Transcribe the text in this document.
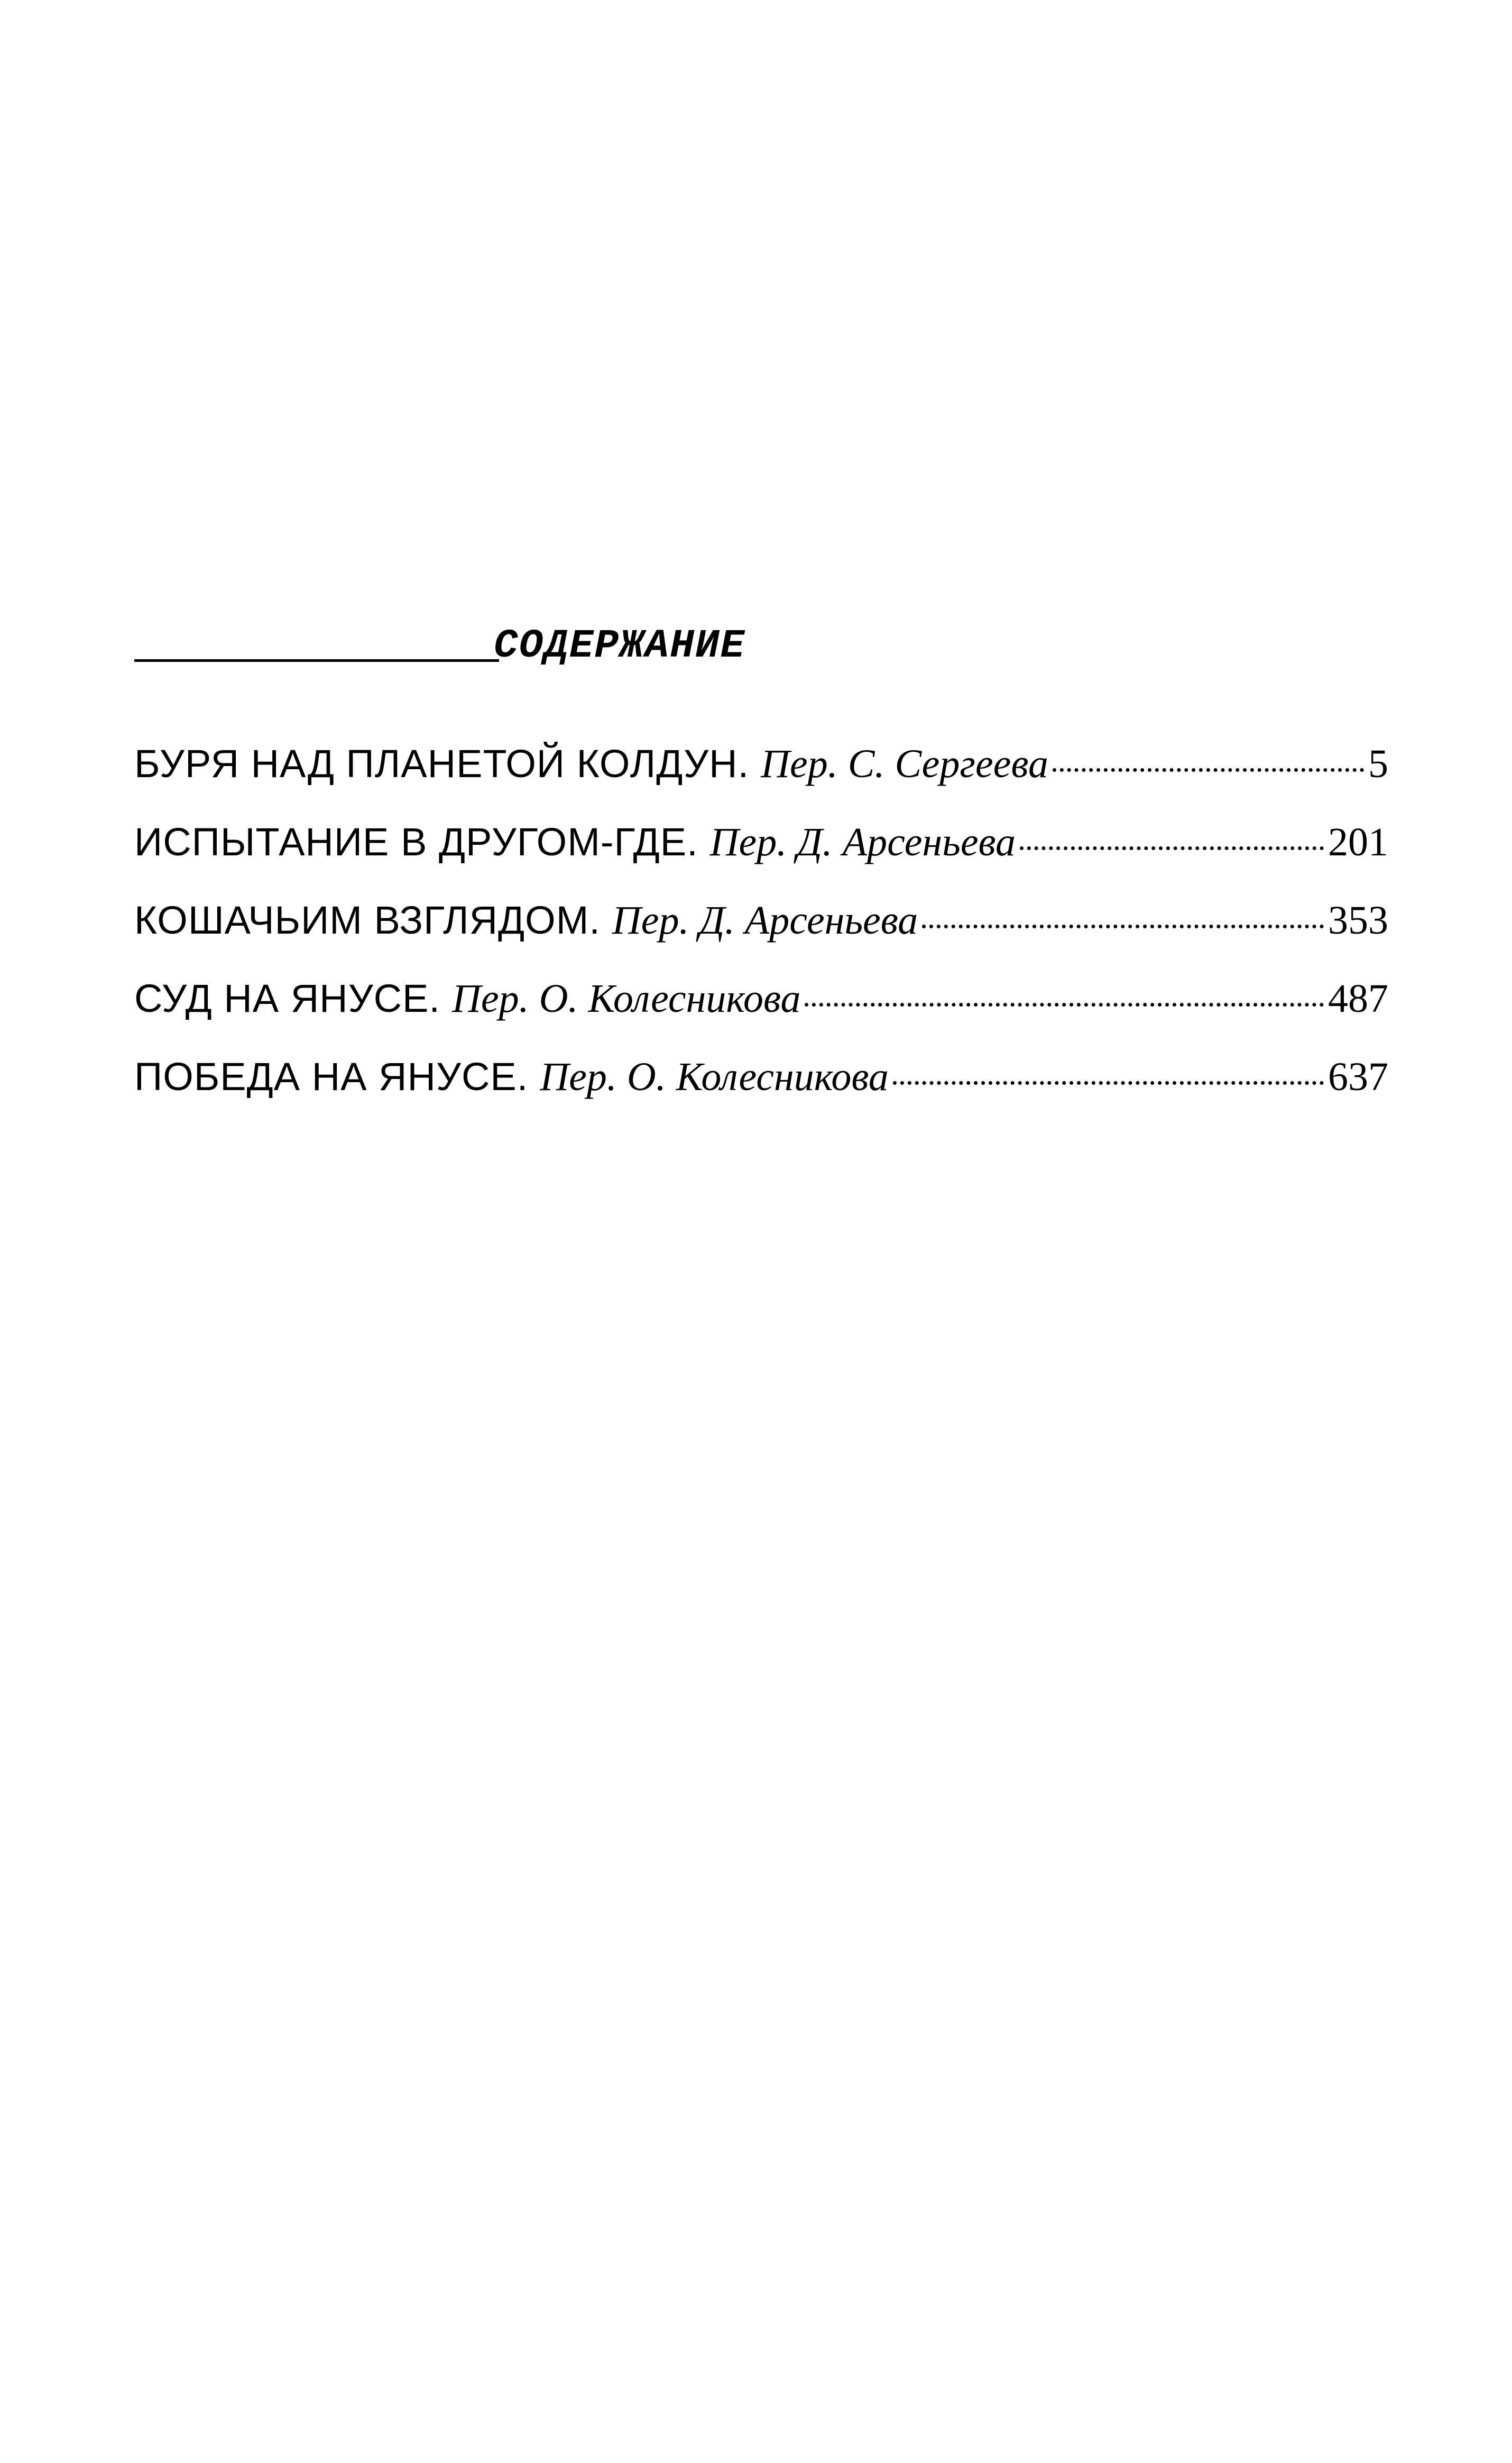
СОДЕРЖАНИЕ
БУРЯ НАД ПЛАНЕТОЙ КОЛДУН. Пер. С. Сергеева	5
ИСПЫТАНИЕ В ДРУГОМ-ГДЕ. Пер. Д. Арсеньева	201
КОШАЧЬИМ ВЗГЛЯДОМ. Пер. Д. Арсеньева	353
СУД НА ЯНУСЕ. Пер. О. Колесникова	487
ПОБЕДА НА ЯНУСЕ. Пер. О. Колесникова	637
